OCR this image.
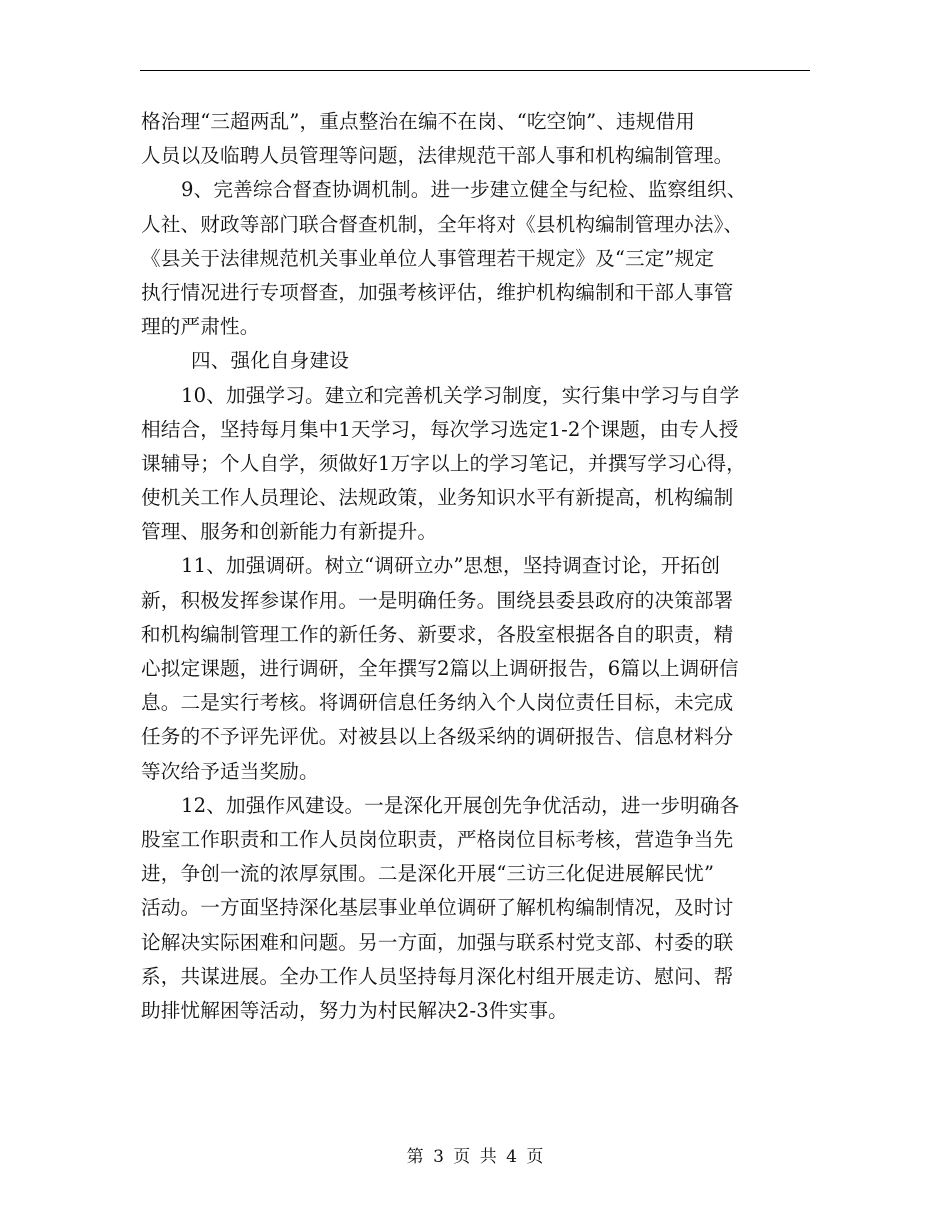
格治理“三超两乱”，重点整治在编不在岗、“吃空饷”、违规借用
人员以及临聘人员管理等问题，法律规范干部人事和机构编制管理。
9、完善综合督查协调机制。进一步建立健全与纪检、监察组织、
人社、财政等部门联合督查机制，全年将对《县机构编制管理办法》、
《县关于法律规范机关事业单位人事管理若干规定》及“三定”规定
执行情况进行专项督查，加强考核评估，维护机构编制和干部人事管
理的严肃性。
四、强化自身建设
10、加强学习。建立和完善机关学习制度，实行集中学习与自学
相结合，坚持每月集中1天学习，每次学习选定1-2个课题，由专人授
课辅导；个人自学，须做好1万字以上的学习笔记，并撰写学习心得，
使机关工作人员理论、法规政策，业务知识水平有新提高，机构编制
管理、服务和创新能力有新提升。
11、加强调研。树立“调研立办”思想，坚持调查讨论，开拓创
新，积极发挥参谋作用。一是明确任务。围绕县委县政府的决策部署
和机构编制管理工作的新任务、新要求，各股室根据各自的职责，精
心拟定课题，进行调研，全年撰写2篇以上调研报告，6篇以上调研信
息。二是实行考核。将调研信息任务纳入个人岗位责任目标，未完成
任务的不予评先评优。对被县以上各级采纳的调研报告、信息材料分
等次给予适当奖励。
12、加强作风建设。一是深化开展创先争优活动，进一步明确各
股室工作职责和工作人员岗位职责，严格岗位目标考核，营造争当先
进，争创一流的浓厚氛围。二是深化开展“三访三化促进展解民忧”
活动。一方面坚持深化基层事业单位调研了解机构编制情况，及时讨
论解决实际困难和问题。另一方面，加强与联系村党支部、村委的联
系，共谋进展。全办工作人员坚持每月深化村组开展走访、慰问、帮
助排忧解困等活动，努力为村民解决2-3件实事。
第 3 页 共 4 页
